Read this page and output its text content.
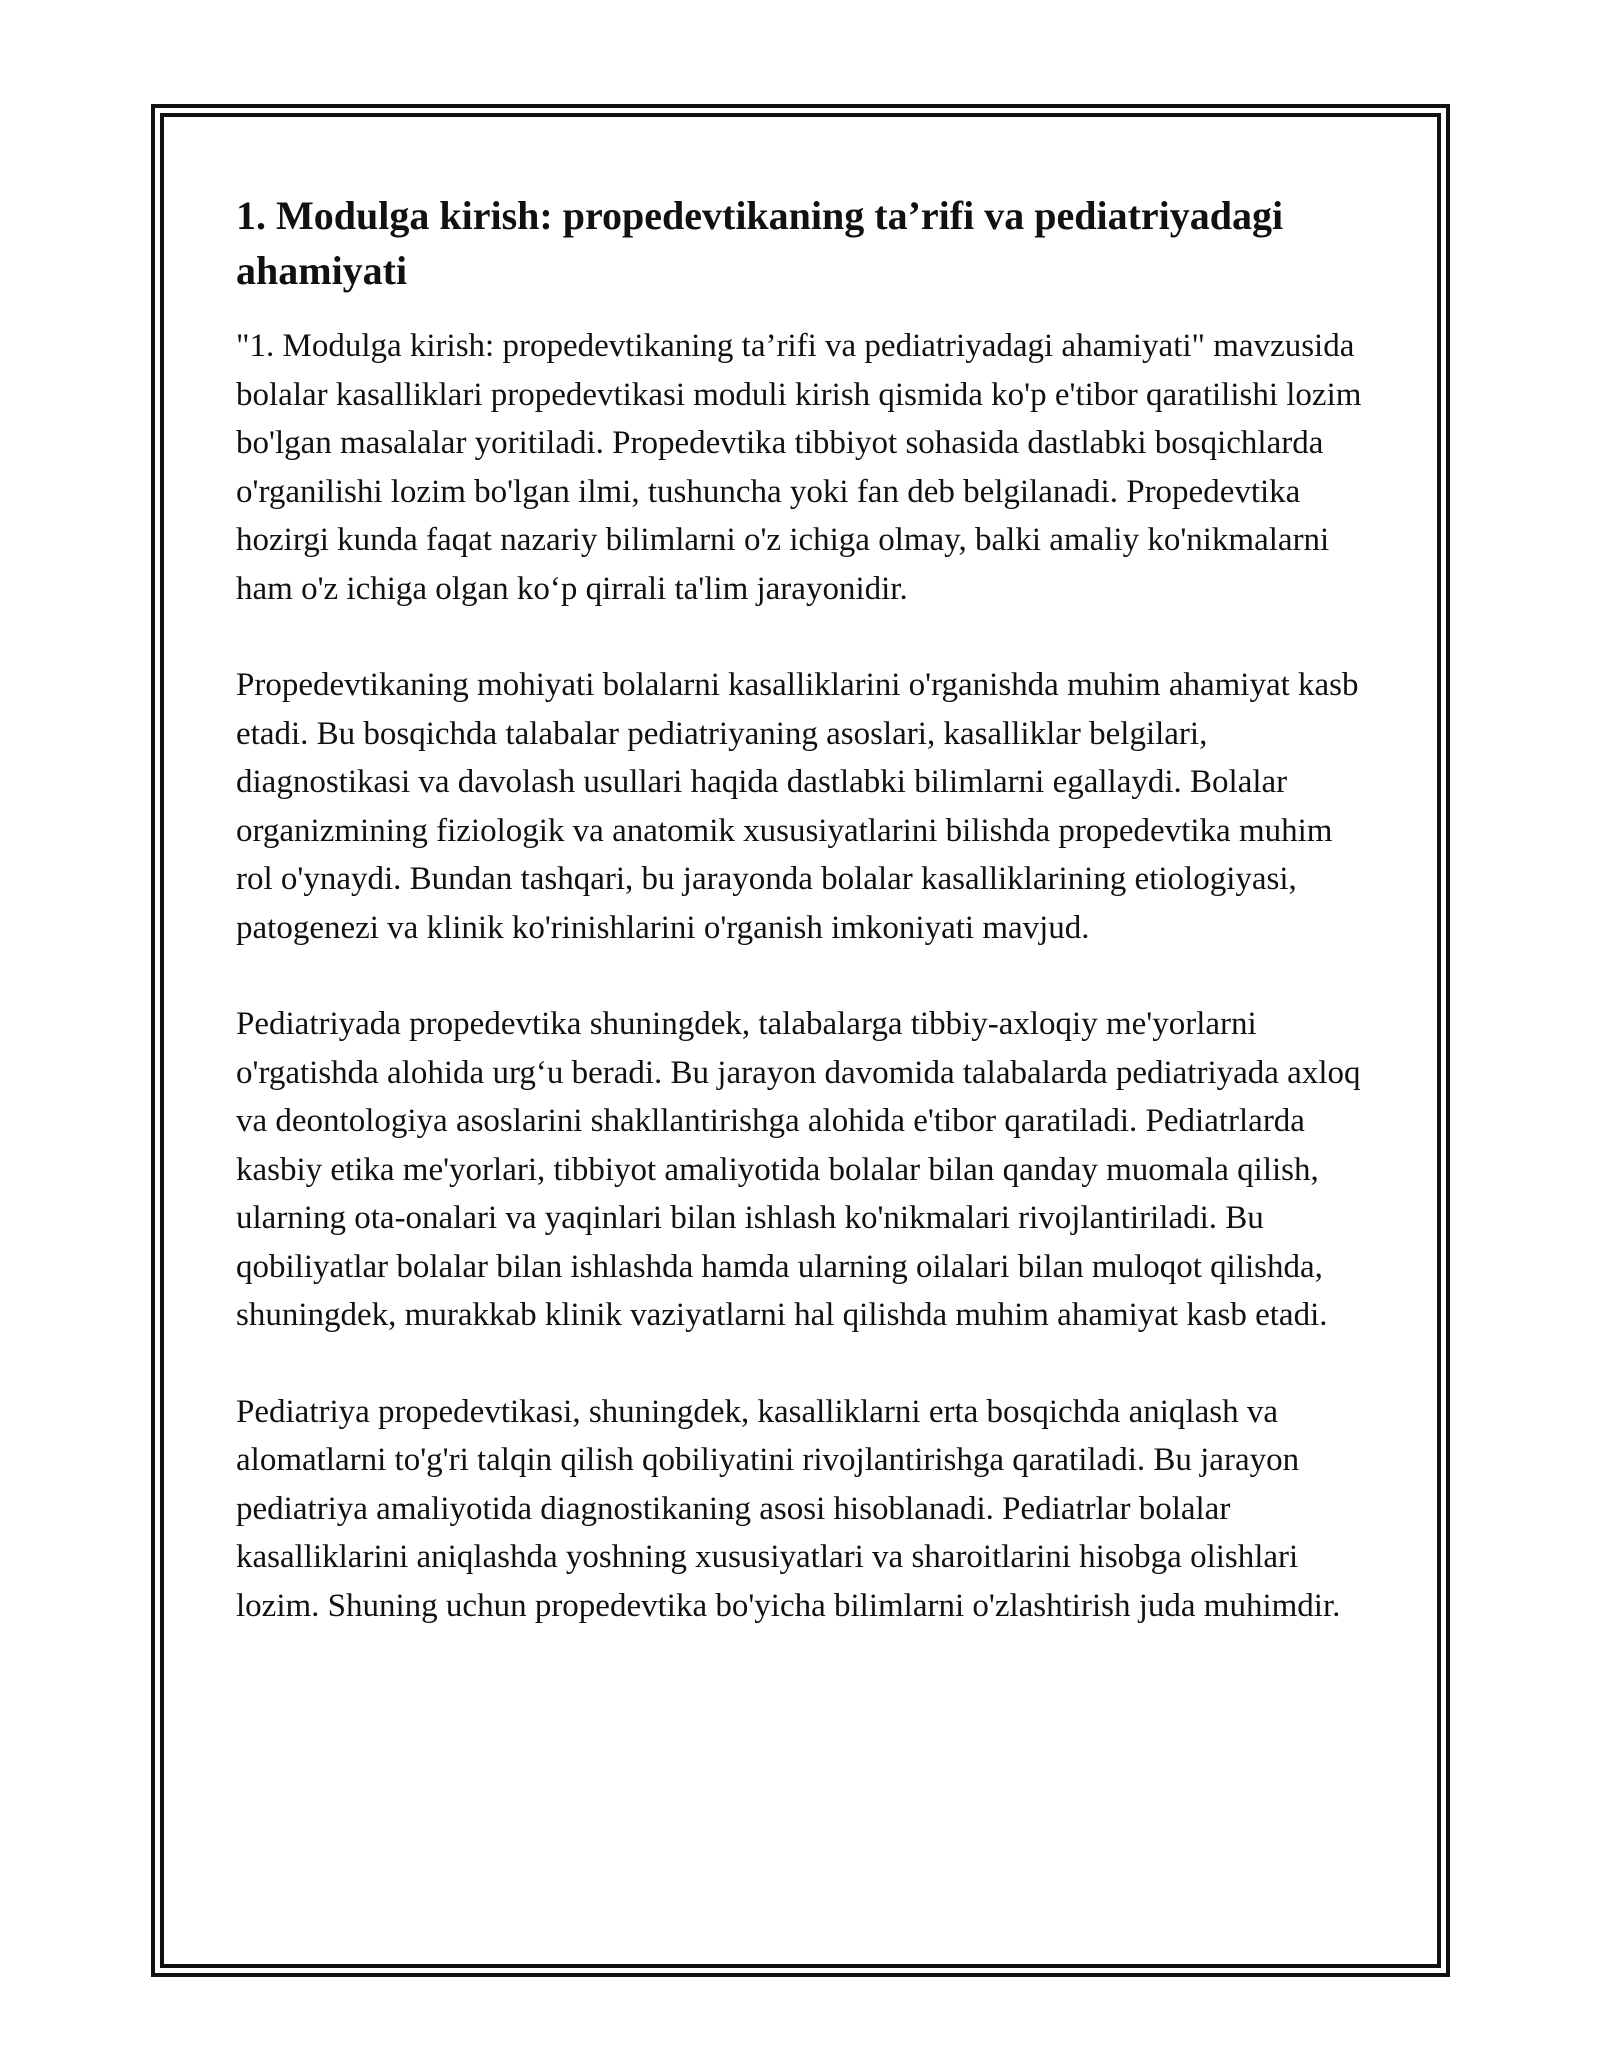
1. Modulga kirish: propedevtikaning ta’rifi va pediatriyadagi ahamiyati

"1. Modulga kirish: propedevtikaning ta’rifi va pediatriyadagi ahamiyati" mavzusida bolalar kasalliklari propedevtikasi moduli kirish qismida ko'p e'tibor qaratilishi lozim bo'lgan masalalar yoritiladi. Propedevtika tibbiyot sohasida dastlabki bosqichlarda o'rganilishi lozim bo'lgan ilmi, tushuncha yoki fan deb belgilanadi. Propedevtika hozirgi kunda faqat nazariy bilimlarni o'z ichiga olmay, balki amaliy ko'nikmalarni ham o'z ichiga olgan ko‘p qirrali ta'lim jarayonidir.

Propedevtikaning mohiyati bolalarni kasalliklarini o'rganishda muhim ahamiyat kasb etadi. Bu bosqichda talabalar pediatriyaning asoslari, kasalliklar belgilari, diagnostikasi va davolash usullari haqida dastlabki bilimlarni egallaydi. Bolalar organizmining fiziologik va anatomik xususiyatlarini bilishda propedevtika muhim rol o'ynaydi. Bundan tashqari, bu jarayonda bolalar kasalliklarining etiologiyasi, patogenezi va klinik ko'rinishlarini o'rganish imkoniyati mavjud.

Pediatriyada propedevtika shuningdek, talabalarga tibbiy-axloqiy me'yorlarni o'rgatishda alohida urg‘u beradi. Bu jarayon davomida talabalarda pediatriyada axloq va deontologiya asoslarini shakllantirishga alohida e'tibor qaratiladi. Pediatrlarda kasbiy etika me'yorlari, tibbiyot amaliyotida bolalar bilan qanday muomala qilish, ularning ota-onalari va yaqinlari bilan ishlash ko'nikmalari rivojlantiriladi. Bu qobiliyatlar bolalar bilan ishlashda hamda ularning oilalari bilan muloqot qilishda, shuningdek, murakkab klinik vaziyatlarni hal qilishda muhim ahamiyat kasb etadi.

Pediatriya propedevtikasi, shuningdek, kasalliklarni erta bosqichda aniqlash va alomatlarni to'g'ri talqin qilish qobiliyatini rivojlantirishga qaratiladi. Bu jarayon pediatriya amaliyotida diagnostikaning asosi hisoblanadi. Pediatrlar bolalar kasalliklarini aniqlashda yoshning xususiyatlari va sharoitlarini hisobga olishlari lozim. Shuning uchun propedevtika bo'yicha bilimlarni o'zlashtirish juda muhimdir.
